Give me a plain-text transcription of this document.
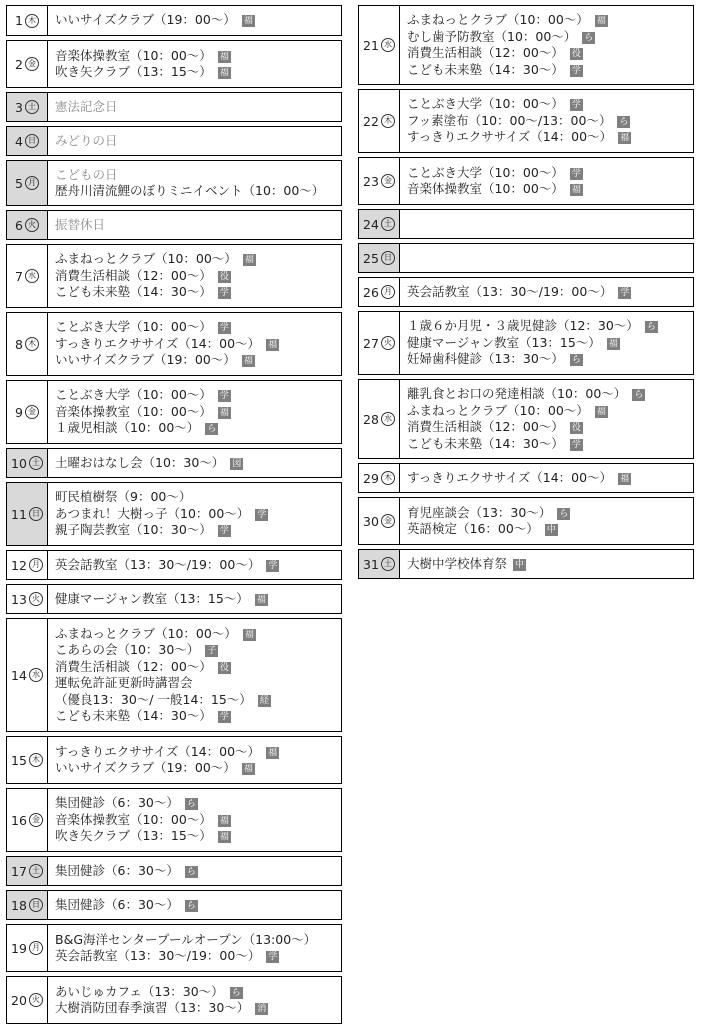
1 木 いいサイズクラブ（19：00～） 福
2 金
音楽体操教室（10：00～） 福
吹き矢クラブ（13：15～） 福
3 土 憲法記念日
4 日 みどりの日
5 月
こどもの日
歴舟川清流鯉のぼりミニイベント（10：00～）
6 火 振替休日
7 水
ふまねっとクラブ（10：00～） 福
消費生活相談（12：00～） 役
こども未来塾（14：30～） 学
8 木
ことぶき大学（10：00～） 学
すっきりエクササイズ（14：00～） 福
いいサイズクラブ（19：00～） 福
9 金
ことぶき大学（10：00～） 学
音楽体操教室（10：00～） 福
１歳児相談（10：00～） ら
10 土 土曜おはなし会（10：30～） 図
11 日
町民植樹祭（9：00～）
あつまれ！大樹っ子（10：00～） 学
親子陶芸教室（10：30～） 学
12 月 英会話教室（13：30～/19：00～） 学
13 火 健康マージャン教室（13：15～） 福
14 水
ふまねっとクラブ（10：00～） 福
こあらの会（10：30～） 子
消費生活相談（12：00～） 役
運転免許証更新時講習会
（優良13：30～/ 一般14：15～） 経
こども未来塾（14：30～） 学
15 木
すっきりエクササイズ（14：00～） 福
いいサイズクラブ（19：00～） 福
16 金
集団健診（6：30～） ら
音楽体操教室（10：00～） 福
吹き矢クラブ（13：15～） 福
17 土 集団健診（6：30～） ら
18 日 集団健診（6：30～） ら
19 月
B&G海洋センタープールオープン（13:00～）
英会話教室（13：30～/19：00～） 学
20 火
あいじゅカフェ（13：30～） ら
大樹消防団春季演習（13：30～） 消
21 水
ふまねっとクラブ（10：00～） 福
むし歯予防教室（10：00～） ら
消費生活相談（12：00～） 役
こども未来塾（14：30～） 学
22 木
ことぶき大学（10：00～） 学
フッ素塗布（10：00～/13：00～） ら
すっきりエクササイズ（14：00～） 福
23 金
ことぶき大学（10：00～） 学
音楽体操教室（10：00～） 福
24 土
25 日
26 月 英会話教室（13：30～/19：00～） 学
27 火
１歳６か月児・３歳児健診（12：30～） ら
健康マージャン教室（13：15～） 福
妊婦歯科健診（13：30～） ら
28 水
離乳食とお口の発達相談（10：00～） ら
ふまねっとクラブ（10：00～） 福
消費生活相談（12：00～） 役
こども未来塾（14：30～） 学
29 木 すっきりエクササイズ（14：00～） 福
30 金
育児座談会（13：30～） ら
英語検定（16：00～） 中
31 土 大樹中学校体育祭 中
